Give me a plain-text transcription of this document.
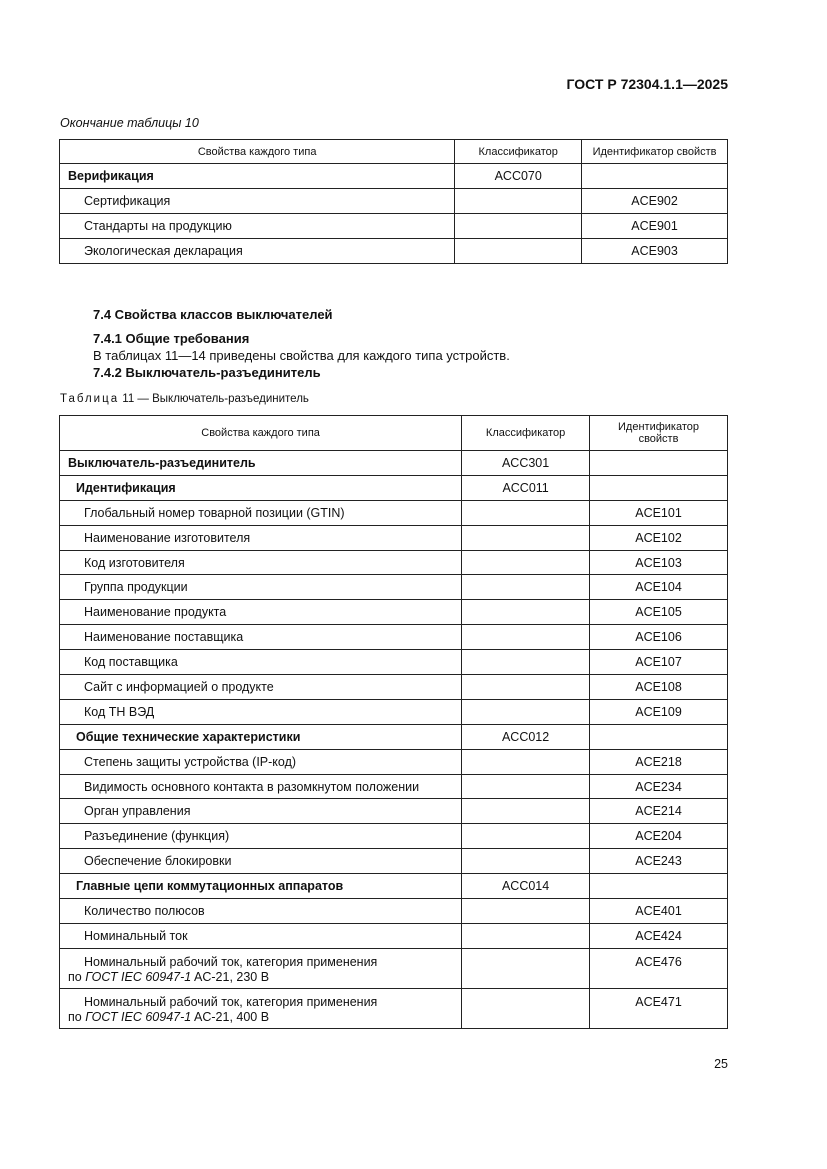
ГОСТ Р 72304.1.1—2025
Окончание таблицы 10
Свойства каждого типа	Классификатор	Идентификатор свойств
Верификация	ACC070	
Сертификация		ACE902
Стандарты на продукцию		ACE901
Экологическая декларация		ACE903
7.4 Свойства классов выключателей
7.4.1 Общие требования
В таблицах 11—14 приведены свойства для каждого типа устройств.
7.4.2 Выключатель-разъединитель
Таблица 11 — Выключатель-разъединитель
Свойства каждого типа	Классификатор	Идентификатор свойств
Выключатель-разъединитель	ACC301	
Идентификация	ACC011	
Глобальный номер товарной позиции (GTIN)		ACE101
Наименование изготовителя		ACE102
Код изготовителя		ACE103
Группа продукции		ACE104
Наименование продукта		ACE105
Наименование поставщика		ACE106
Код поставщика		ACE107
Сайт с информацией о продукте		ACE108
Код ТН ВЭД		ACE109
Общие технические характеристики	ACC012	
Степень защиты устройства (IP-код)		ACE218
Видимость основного контакта в разомкнутом положении		ACE234
Орган управления		ACE214
Разъединение (функция)		ACE204
Обеспечение блокировки		ACE243
Главные цепи коммутационных аппаратов	ACC014	
Количество полюсов		ACE401
Номинальный ток		ACE424
Номинальный рабочий ток, категория применения
по ГОСТ IEC 60947-1 AC-21, 230 В		ACE476
Номинальный рабочий ток, категория применения
по ГОСТ IEC 60947-1 AC-21, 400 В		ACE471
25
